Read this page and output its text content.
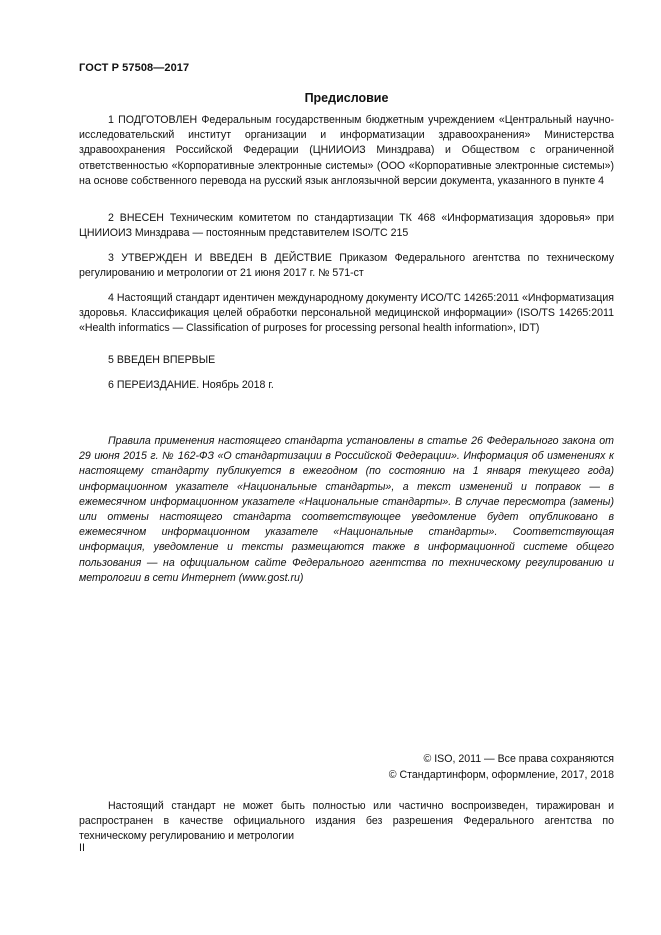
ГОСТ Р 57508—2017
Предисловие

1 ПОДГОТОВЛЕН Федеральным государственным бюджетным учреждением «Центральный научно-исследовательский институт организации и информатизации здравоохранения» Министерства здравоохранения Российской Федерации (ЦНИИОИЗ Минздрава) и Обществом с ограниченной ответственностью «Корпоративные электронные системы» (ООО «Корпоративные электронные системы») на основе собственного перевода на русский язык англоязычной версии документа, указанного в пункте 4

2 ВНЕСЕН Техническим комитетом по стандартизации ТК 468 «Информатизация здоровья» при ЦНИИОИЗ Минздрава — постоянным представителем ISO/TC 215

3 УТВЕРЖДЕН И ВВЕДЕН В ДЕЙСТВИЕ Приказом Федерального агентства по техническому регулированию и метрологии от 21 июня 2017 г. № 571-ст

4 Настоящий стандарт идентичен международному документу ИСО/ТС 14265:2011 «Информатизация здоровья. Классификация целей обработки персональной медицинской информации» (ISO/TS 14265:2011 «Health informatics — Classification of purposes for processing personal health information», IDT)

5 ВВЕДЕН ВПЕРВЫЕ

6 ПЕРЕИЗДАНИЕ. Ноябрь 2018 г.

Правила применения настоящего стандарта установлены в статье 26 Федерального закона от 29 июня 2015 г. № 162-ФЗ «О стандартизации в Российской Федерации». Информация об изменениях к настоящему стандарту публикуется в ежегодном (по состоянию на 1 января текущего года) информационном указателе «Национальные стандарты», а текст изменений и поправок — в ежемесячном информационном указателе «Национальные стандарты». В случае пересмотра (замены) или отмены настоящего стандарта соответствующее уведомление будет опубликовано в ежемесячном информационном указателе «Национальные стандарты». Соответствующая информация, уведомление и тексты размещаются также в информационной системе общего пользования — на официальном сайте Федерального агентства по техническому регулированию и метрологии в сети Интернет (www.gost.ru)

© ISO, 2011 — Все права сохраняются
© Стандартинформ, оформление, 2017, 2018

Настоящий стандарт не может быть полностью или частично воспроизведен, тиражирован и распространен в качестве официального издания без разрешения Федерального агентства по техническому регулированию и метрологии

II
